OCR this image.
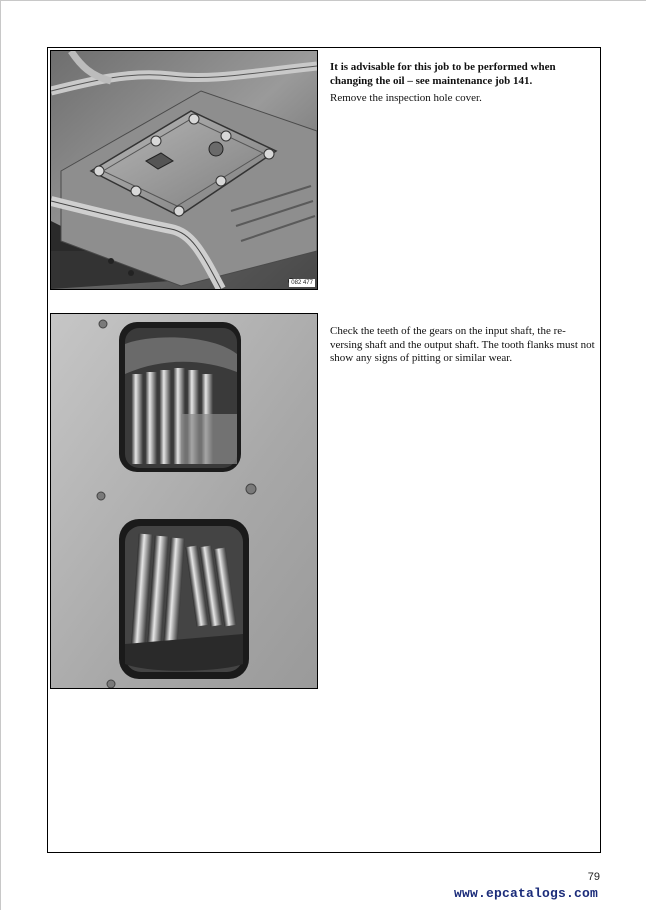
082 477

It is advisable for this job to be performed when changing the oil – see maintenance job 141.

Remove the inspection hole cover.

Check the teeth of the gears on the input shaft, the re-versing shaft and the output shaft. The tooth flanks must not show any signs of pitting or similar wear.

79
www.epcatalogs.com
